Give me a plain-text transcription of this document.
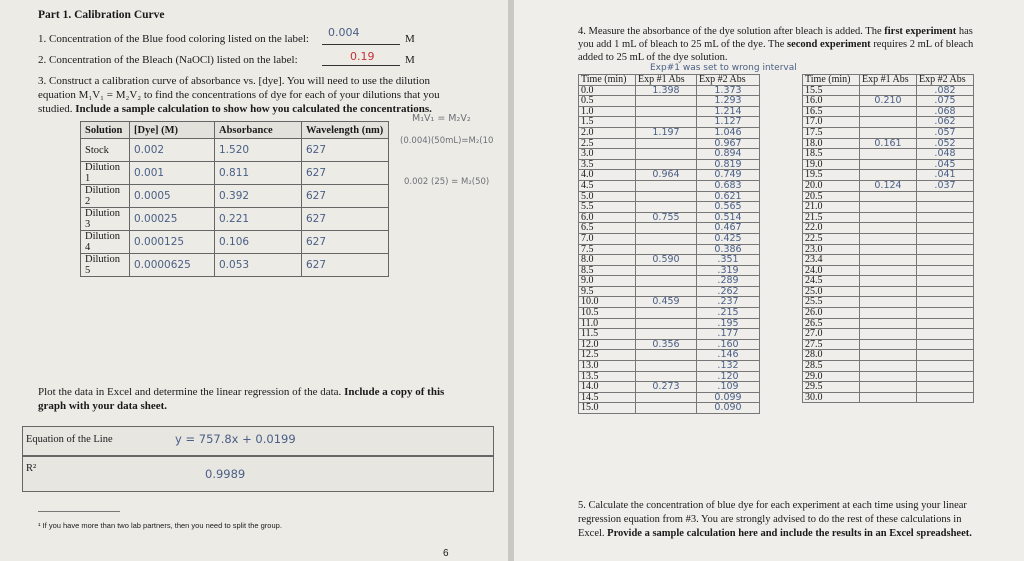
Part 1. Calibration Curve
1. Concentration of the Blue food coloring listed on the label: 0.004	M
2. Concentration of the Bleach (NaOCl) listed on the label:	0.19	M
3. Construct a calibration curve of absorbance vs. [dye]. You will need to use the dilution
equation M₁V₁ = M₂V₂ to find the concentrations of dye for each of your dilutions that you
studied. Include a sample calculation to show how you calculated the concentrations.
M₁V₁ = M₂V₂
(0.004)(50mL)=M₂(10
0.002 (25) = M₂(50)
Solution	[Dye] (M)	Absorbance	Wavelength (nm)
Stock	0.002	1.520	627
Dilution 1	0.001	0.811	627
Dilution 2	0.0005	0.392	627
Dilution 3	0.00025	0.221	627
Dilution 4	0.000125	0.106	627
Dilution 5	0.0000625	0.053	627
Plot the data in Excel and determine the linear regression of the data. Include a copy of this
graph with your data sheet.
Equation of the Line	y = 757.8x + 0.0199
R²	0.9989
¹ If you have more than two lab partners, then you need to split the group.
6
4. Measure the absorbance of the dye solution after bleach is added. The first experiment has
you add 1 mL of bleach to 25 mL of the dye. The second experiment requires 2 mL of bleach
added to 25 mL of the dye solution.
Exp#1 was set to wrong interval
Time (min)	Exp #1 Abs	Exp #2 Abs
0.0	1.398	1.373
0.5		1.293
1.0		1.214
1.5		1.127
2.0	1.197	1.046
2.5		0.967
3.0		0.894
3.5		0.819
4.0	0.964	0.749
4.5		0.683
5.0		0.621
5.5		0.565
6.0	0.755	0.514
6.5		0.467
7.0		0.425
7.5		0.386
8.0	0.590	.351
8.5		.319
9.0		.289
9.5		.262
10.0	0.459	.237
10.5		.215
11.0		.195
11.5		.177
12.0	0.356	.160
12.5		.146
13.0		.132
13.5		.120
14.0	0.273	.109
14.5		0.099
15.0		0.090
Time (min)	Exp #1 Abs	Exp #2 Abs
15.5		.082
16.0	0.210	.075
16.5		.068
17.0		.062
17.5		.057
18.0	0.161	.052
18.5		.048
19.0		.045
19.5		.041
20.0	0.124	.037
20.5		
21.0		
21.5		
22.0		
22.5		
23.0		
23.4		
24.0		
24.5		
25.0		
25.5		
26.0		
26.5		
27.0		
27.5		
28.0		
28.5		
29.0		
29.5		
30.0		
5. Calculate the concentration of blue dye for each experiment at each time using your linear
regression equation from #3. You are strongly advised to do the rest of these calculations in
Excel. Provide a sample calculation here and include the results in an Excel spreadsheet.
